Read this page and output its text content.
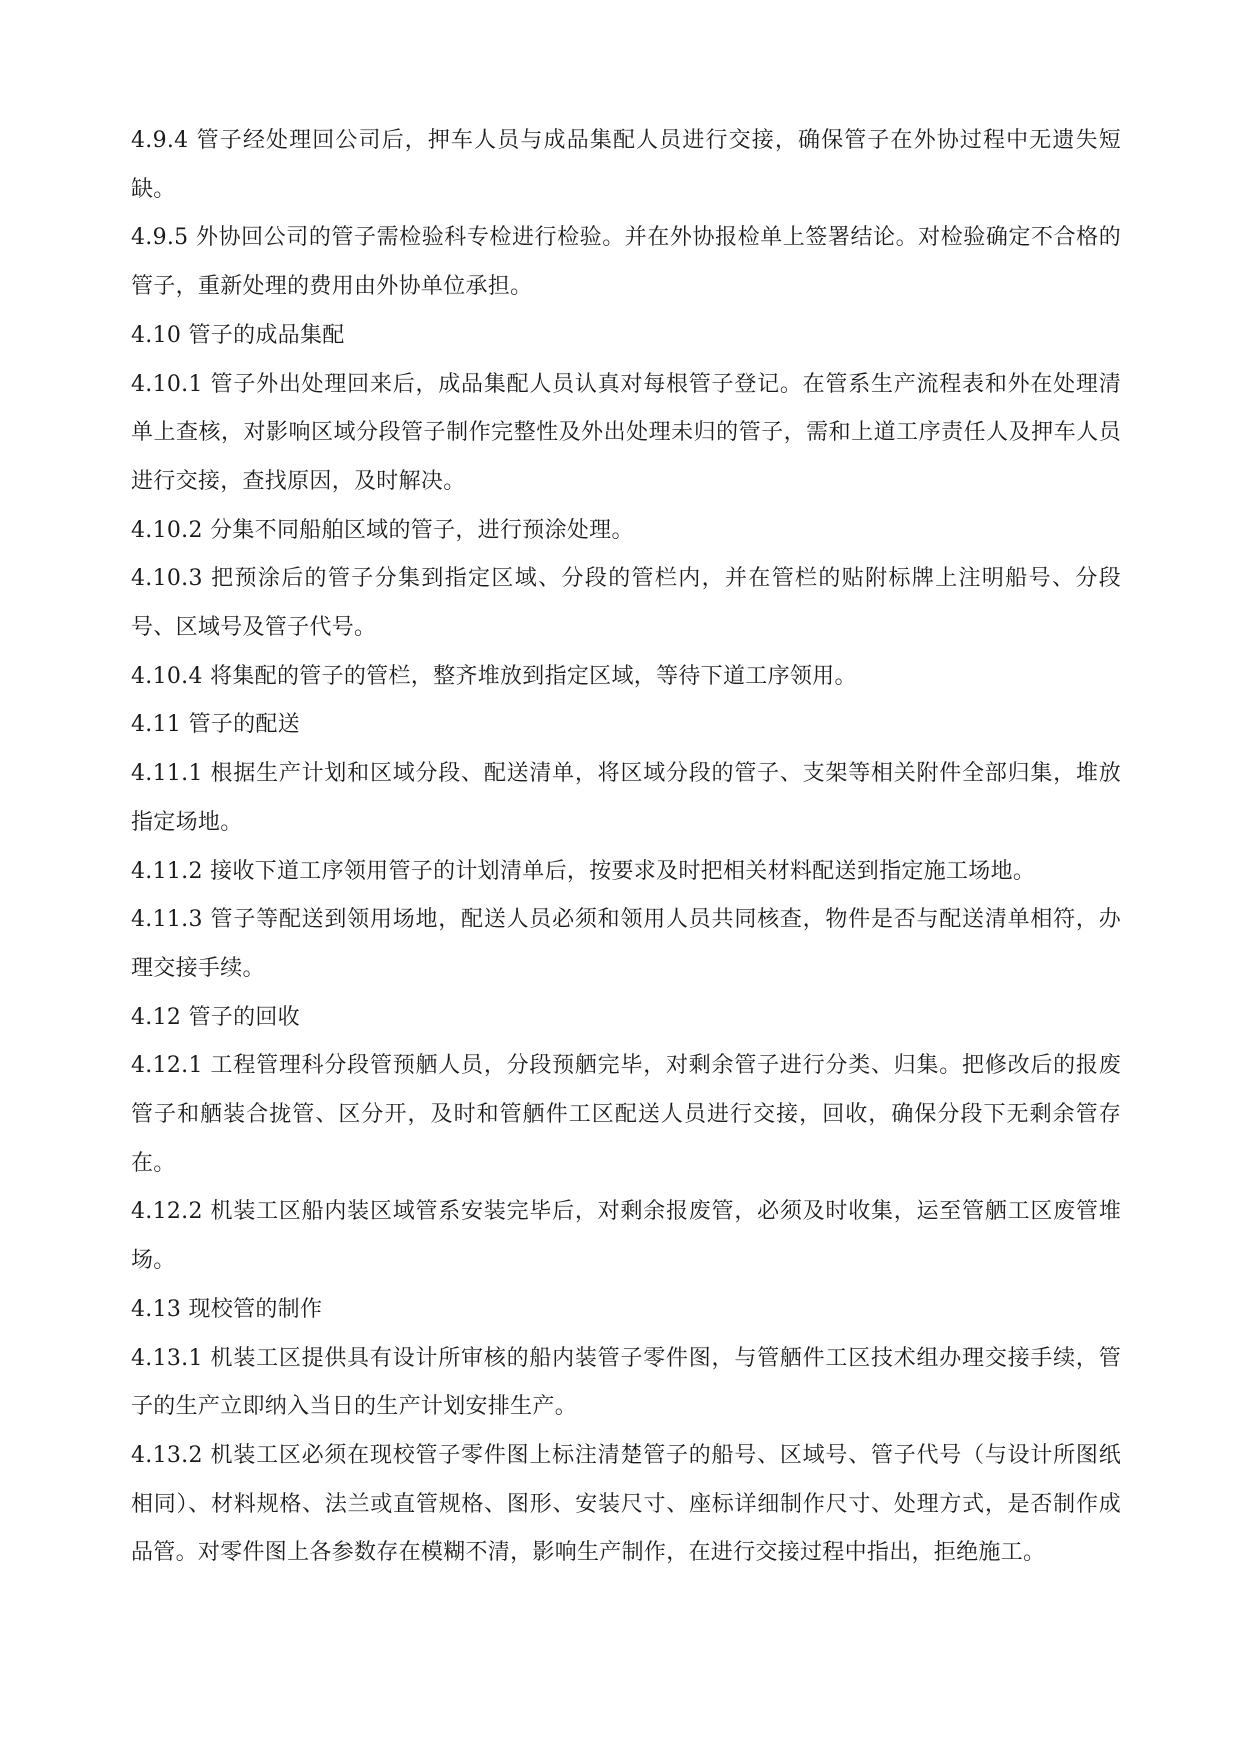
4.9.4 管子经处理回公司后，押车人员与成品集配人员进行交接，确保管子在外协过程中无遗失短缺。

4.9.5 外协回公司的管子需检验科专检进行检验。并在外协报检单上签署结论。对检验确定不合格的管子，重新处理的费用由外协单位承担。

4.10 管子的成品集配

4.10.1 管子外出处理回来后，成品集配人员认真对每根管子登记。在管系生产流程表和外在处理清单上查核，对影响区域分段管子制作完整性及外出处理未归的管子，需和上道工序责任人及押车人员进行交接，查找原因，及时解决。

4.10.2 分集不同船舶区域的管子，进行预涂处理。

4.10.3 把预涂后的管子分集到指定区域、分段的管栏内，并在管栏的贴附标牌上注明船号、分段号、区域号及管子代号。

4.10.4 将集配的管子的管栏，整齐堆放到指定区域，等待下道工序领用。

4.11 管子的配送

4.11.1 根据生产计划和区域分段、配送清单，将区域分段的管子、支架等相关附件全部归集，堆放指定场地。

4.11.2 接收下道工序领用管子的计划清单后，按要求及时把相关材料配送到指定施工场地。

4.11.3 管子等配送到领用场地，配送人员必须和领用人员共同核查，物件是否与配送清单相符，办理交接手续。

4.12 管子的回收

4.12.1 工程管理科分段管预舾人员，分段预舾完毕，对剩余管子进行分类、归集。把修改后的报废管子和舾装合拢管、区分开，及时和管舾件工区配送人员进行交接，回收，确保分段下无剩余管存在。

4.12.2 机装工区船内装区域管系安装完毕后，对剩余报废管，必须及时收集，运至管舾工区废管堆场。

4.13 现校管的制作

4.13.1 机装工区提供具有设计所审核的船内装管子零件图，与管舾件工区技术组办理交接手续，管子的生产立即纳入当日的生产计划安排生产。

4.13.2 机装工区必须在现校管子零件图上标注清楚管子的船号、区域号、管子代号（与设计所图纸相同）、材料规格、法兰或直管规格、图形、安装尺寸、座标详细制作尺寸、处理方式，是否制作成品管。对零件图上各参数存在模糊不清，影响生产制作，在进行交接过程中指出，拒绝施工。
